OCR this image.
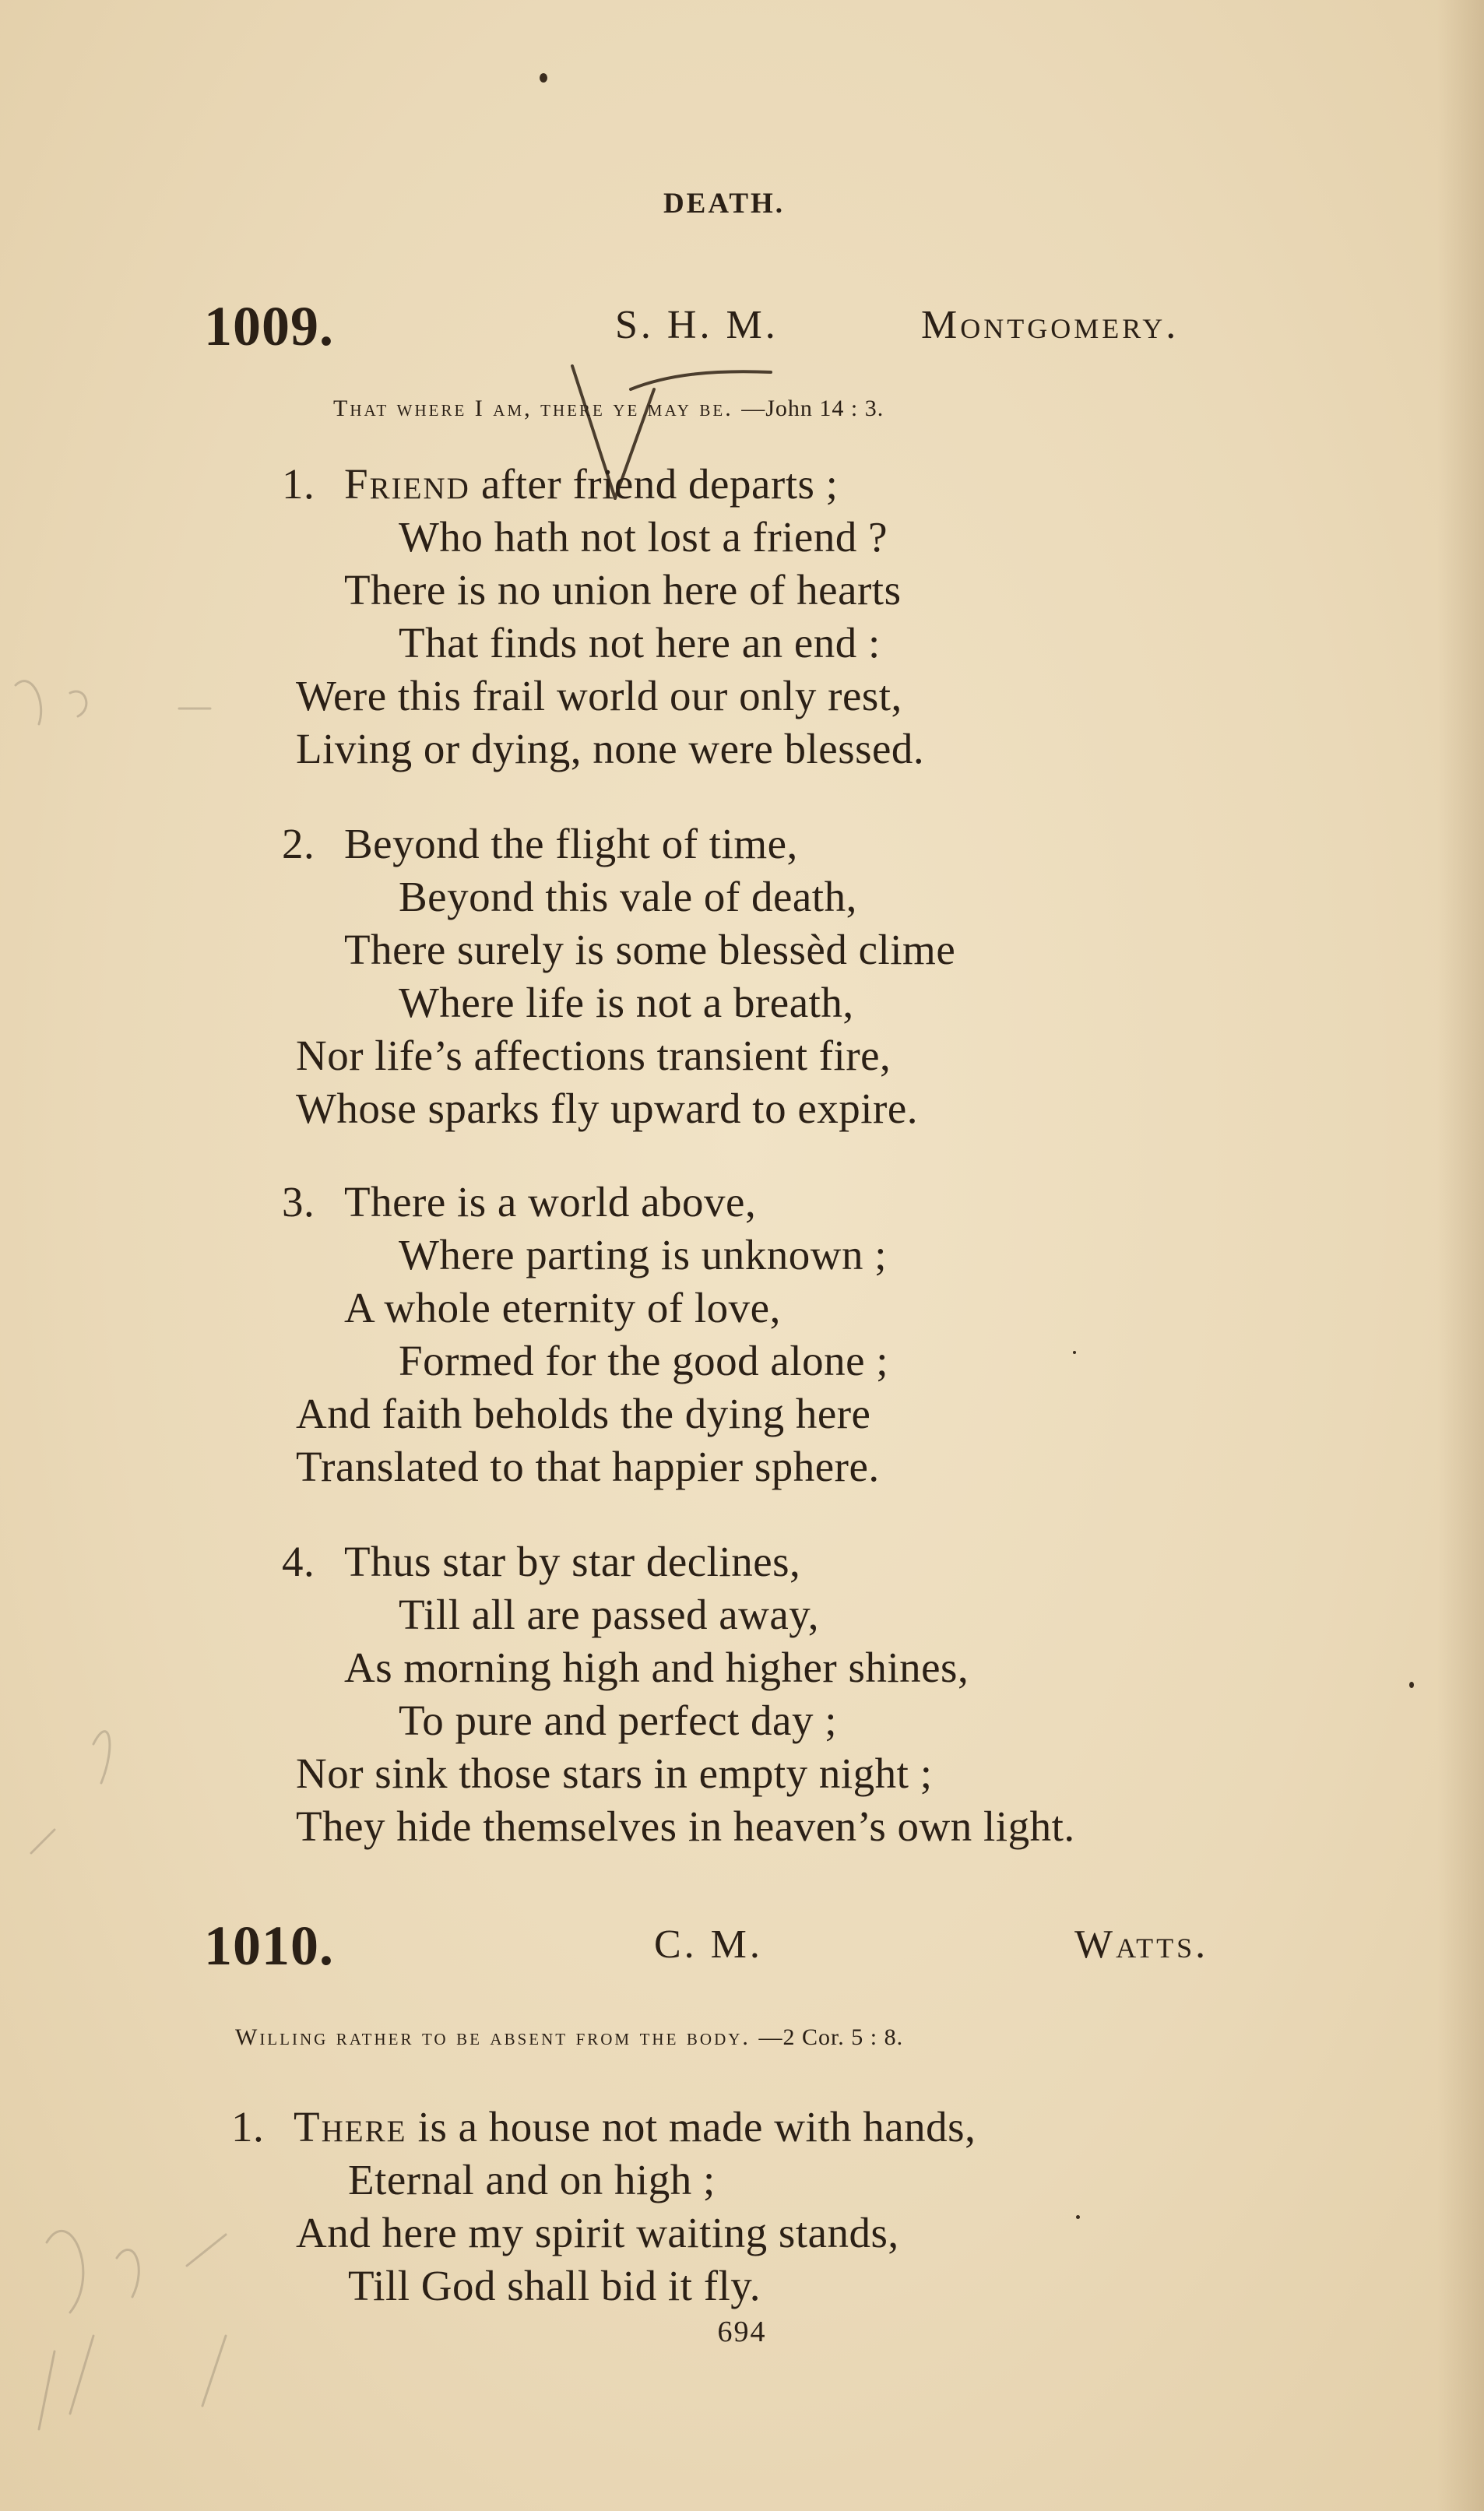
DEATH.
1009.	S. H. M.	Montgomery.
That where I am, there ye may be. —John 14 : 3.
1. Friend after friend departs ;
Who hath not lost a friend ?
There is no union here of hearts
That finds not here an end :
Were this frail world our only rest,
Living or dying, none were blessed.
2. Beyond the flight of time,
Beyond this vale of death,
There surely is some blessèd clime
Where life is not a breath,
Nor life’s affections transient fire,
Whose sparks fly upward to expire.
3. There is a world above,
Where parting is unknown ;
A whole eternity of love,
Formed for the good alone ;
And faith beholds the dying here
Translated to that happier sphere.
4. Thus star by star declines,
Till all are passed away,
As morning high and higher shines,
To pure and perfect day ;
Nor sink those stars in empty night ;
They hide themselves in heaven’s own light.
1010.	C. M.	Watts.
Willing rather to be absent from the body. —2 Cor. 5 : 8.
1. There is a house not made with hands,
Eternal and on high ;
And here my spirit waiting stands,
Till God shall bid it fly.
694
